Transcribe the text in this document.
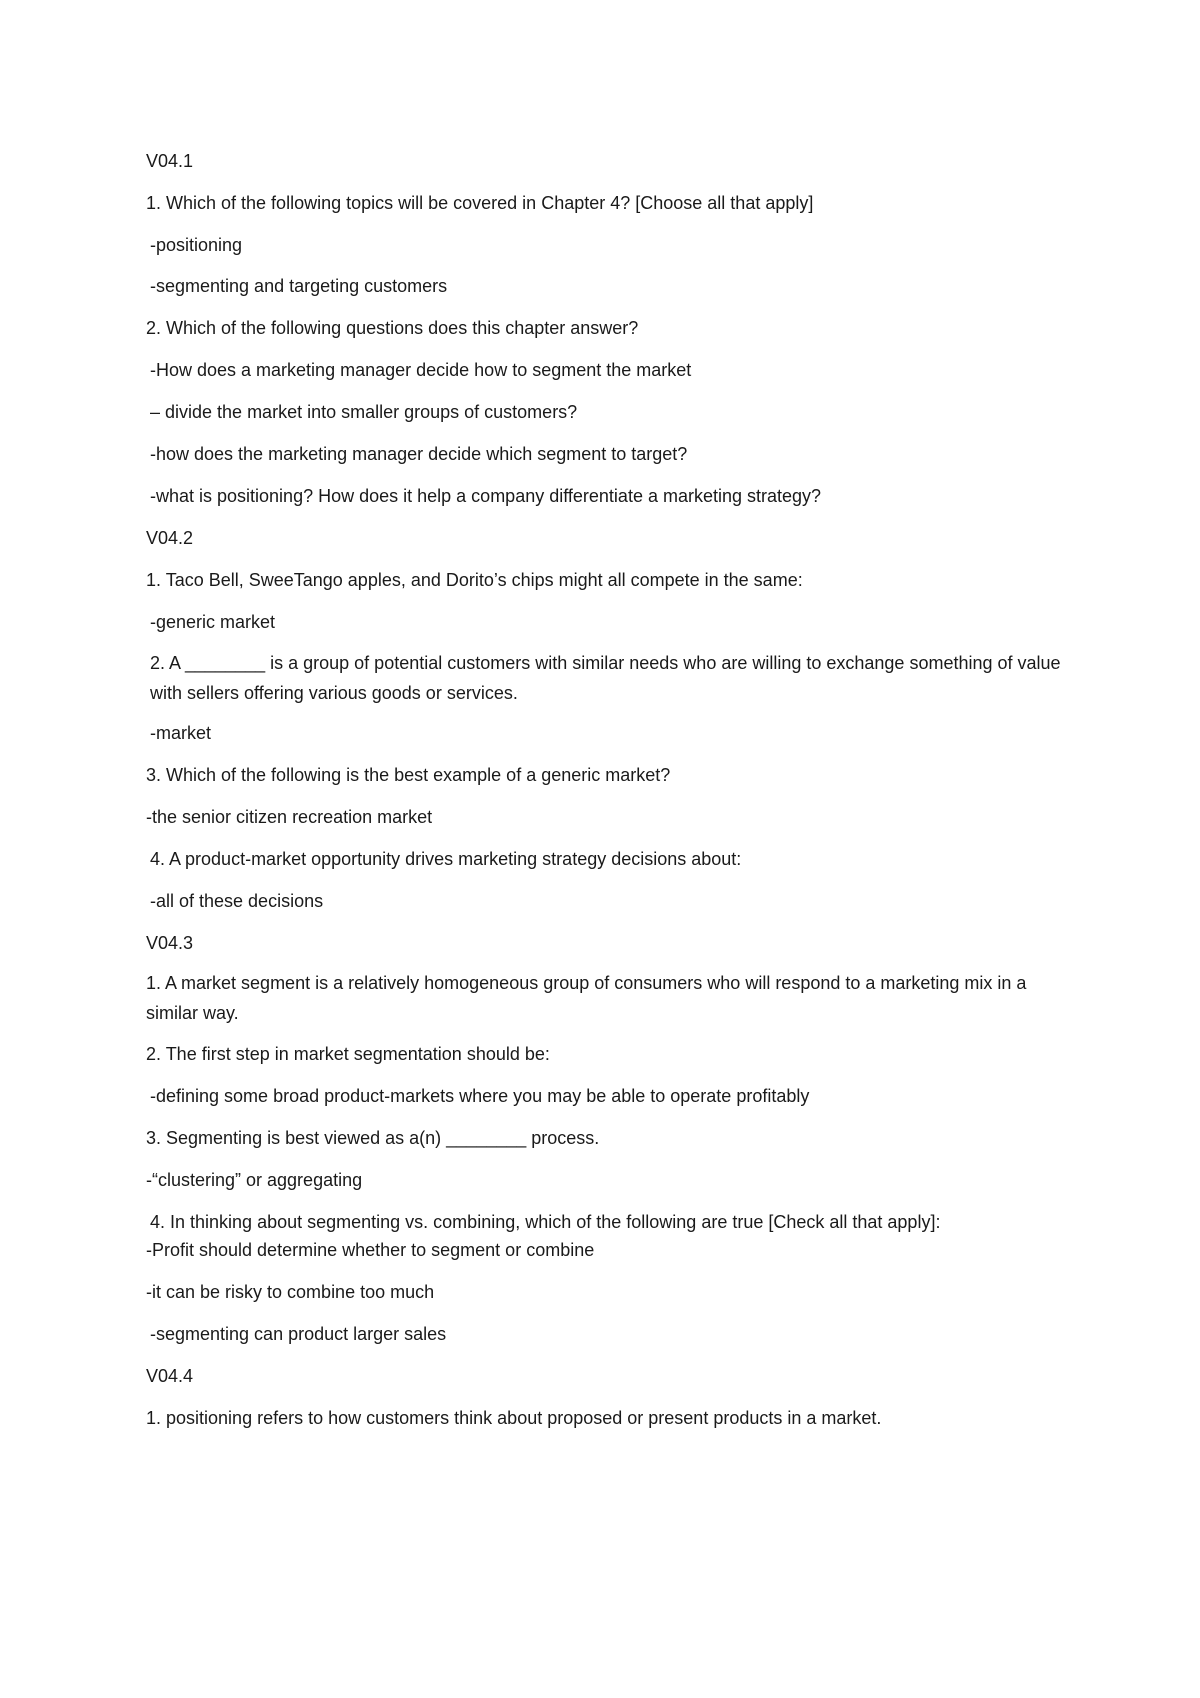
V04.1
1. Which of the following topics will be covered in Chapter 4? [Choose all that apply]
-positioning
-segmenting and targeting customers
2. Which of the following questions does this chapter answer?
-How does a marketing manager decide how to segment the market
– divide the market into smaller groups of customers?
-how does the marketing manager decide which segment to target?
-what is positioning? How does it help a company differentiate a marketing strategy?
V04.2
1. Taco Bell, SweeTango apples, and Dorito’s chips might all compete in the same:
-generic market
2. A ________ is a group of potential customers with similar needs who are willing to exchange something of value with sellers offering various goods or services.
-market
3. Which of the following is the best example of a generic market?
-the senior citizen recreation market
4. A product-market opportunity drives marketing strategy decisions about:
-all of these decisions
V04.3
1. A market segment is a relatively homogeneous group of consumers who will respond to a marketing mix in a similar way.
2. The first step in market segmentation should be:
-defining some broad product-markets where you may be able to operate profitably
3. Segmenting is best viewed as a(n) ________ process.
-“clustering” or aggregating
4. In thinking about segmenting vs. combining, which of the following are true [Check all that apply]:
-Profit should determine whether to segment or combine
-it can be risky to combine too much
-segmenting can product larger sales
V04.4
1. positioning refers to how customers think about proposed or present products in a market.
